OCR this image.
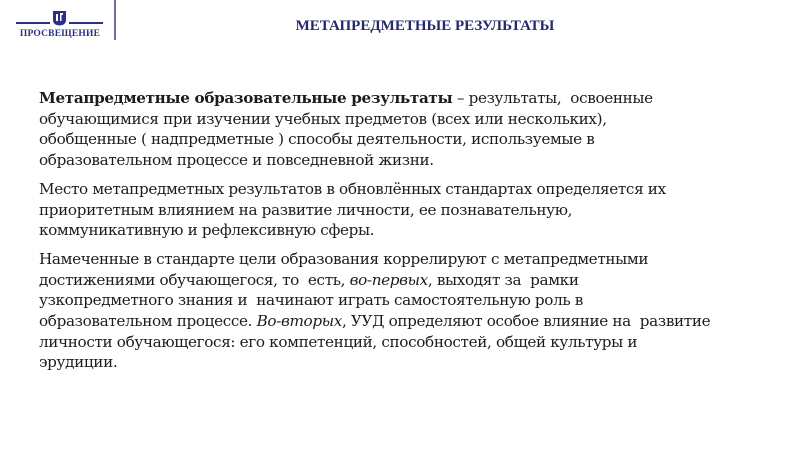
ПРОСВЕЩЕНИЕ	МЕТАПРЕДМЕТНЫЕ РЕЗУЛЬТАТЫ
Метапредметные образовательные результаты – результаты,  освоенные
обучающимися при изучении учебных предметов (всех или нескольких),
обобщенные ( надпредметные ) способы деятельности, используемые в
образовательном процессе и повседневной жизни.
Место метапредметных результатов в обновлённых стандартах определяется их
приоритетным влиянием на развитие личности, ее познавательную,
коммуникативную и рефлексивную сферы.
Намеченные в стандарте цели образования коррелируют с метапредметными
достижениями обучающегося, то  есть, во-первых, выходят за  рамки
узкопредметного знания и  начинают играть самостоятельную роль в
образовательном процессе. Во-вторых, УУД определяют особое влияние на  развитие
личности обучающегося: его компетенций, способностей, общей культуры и
эрудиции.
